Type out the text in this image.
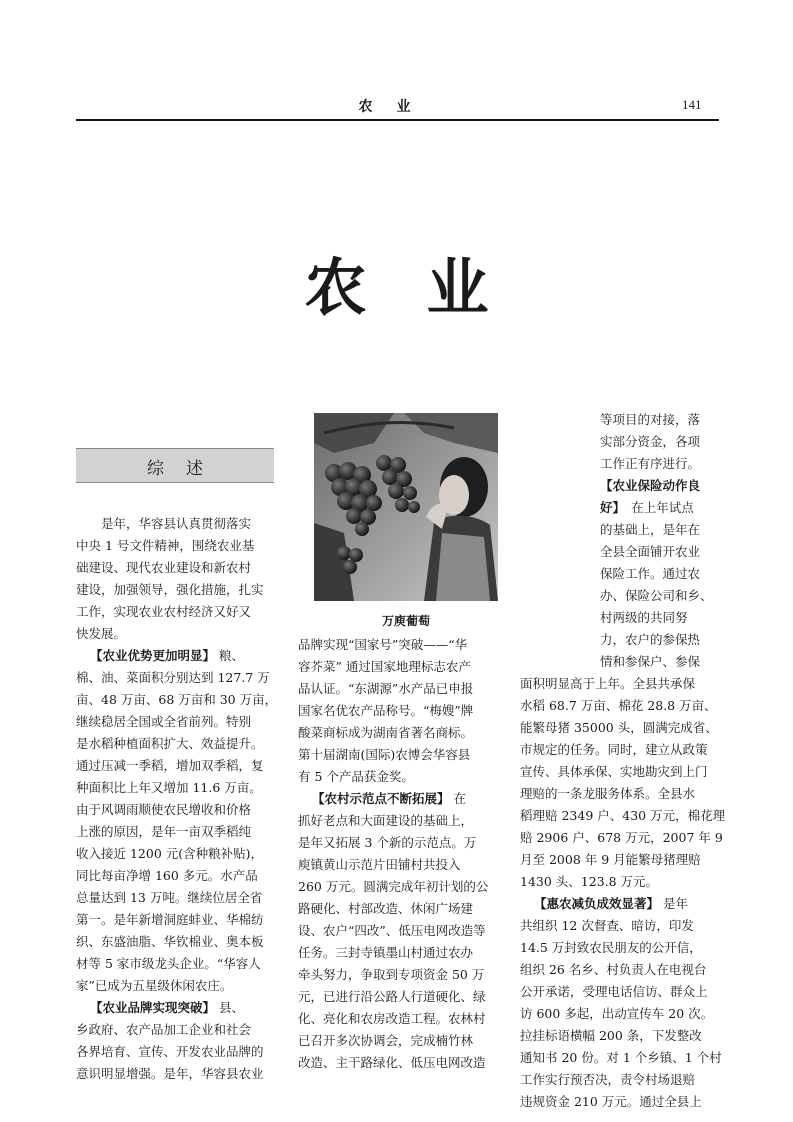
农业	141
农业
综述
万庾葡萄
　　是年，华容县认真贯彻落实
中央 1 号文件精神，围绕农业基
础建设、现代农业建设和新农村
建设，加强领导，强化措施，扎实
工作，实现农业农村经济又好又
快发展。
【农业优势更加明显】 粮、
棉、油、菜面积分别达到 127.7 万
亩、48 万亩、68 万亩和 30 万亩，
继续稳居全国或全省前列。特别
是水稻种植面积扩大、效益提升。
通过压减一季稻，增加双季稻，复
种面积比上年又增加 11.6 万亩。
由于风调雨顺使农民增收和价格
上涨的原因，是年一亩双季稻纯
收入接近 1200 元(含种粮补贴)，
同比每亩净增 160 多元。水产品
总量达到 13 万吨。继续位居全省
第一。是年新增洞庭蚌业、华棉纺
织、东盛油脂、华钦棉业、奥本板
材等 5 家市级龙头企业。“华容人
家”已成为五星级休闲农庄。
【农业品牌实现突破】 县、
乡政府、农产品加工企业和社会
各界培育、宣传、开发农业品牌的
意识明显增强。是年，华容县农业
品牌实现“国家号”突破——“华
容芥菜” 通过国家地理标志农产
品认证。“东湖源”水产品已申报
国家名优农产品称号。“梅嫂”牌
酸菜商标成为湖南省著名商标。
第十届湖南(国际)农博会华容县
有 5 个产品获金奖。
【农村示范点不断拓展】 在
抓好老点和大面建设的基础上，
是年又拓展 3 个新的示范点。万
庾镇黄山示范片田铺村共投入
260 万元。圆满完成年初计划的公
路硬化、村部改造、休闲广场建
设、农户“四改”、低压电网改造等
任务。三封寺镇墨山村通过农办
牵头努力，争取到专项资金 50 万
元，已进行沿公路人行道硬化、绿
化、亮化和农房改造工程。农林村
已召开多次协调会，完成楠竹林
改造、主干路绿化、低压电网改造
等项目的对接，落
实部分资金，各项
工作正有序进行。
【农业保险动作良
好】　在上年试点
的基础上，是年在
全县全面铺开农业
保险工作。通过农
办、保险公司和乡、
村两级的共同努
力，农户的参保热
情和参保户、参保
面积明显高于上年。全县共承保
水稻 68.7 万亩、棉花 28.8 万亩、
能繁母猪 35000 头，圆满完成省、
市规定的任务。同时，建立从政策
宣传、具体承保、实地勘灾到上门
理赔的一条龙服务体系。全县水
稻理赔 2349 户、430 万元，棉花理
赔 2906 户、678 万元，2007 年 9
月至 2008 年 9 月能繁母猪理赔
1430 头、123.8 万元。
【惠农减负成效显著】 是年
共组织 12 次督查、暗访，印发
14.5 万封致农民朋友的公开信，
组织 26 名乡、村负责人在电视台
公开承诺，受理电话信访、群众上
访 600 多起，出动宣传车 20 次。
拉挂标语横幅 200 条，下发整改
通知书 20 份。对 1 个乡镇、1 个村
工作实行预否决，责令村场退赔
违规资金 210 万元。通过全县上
